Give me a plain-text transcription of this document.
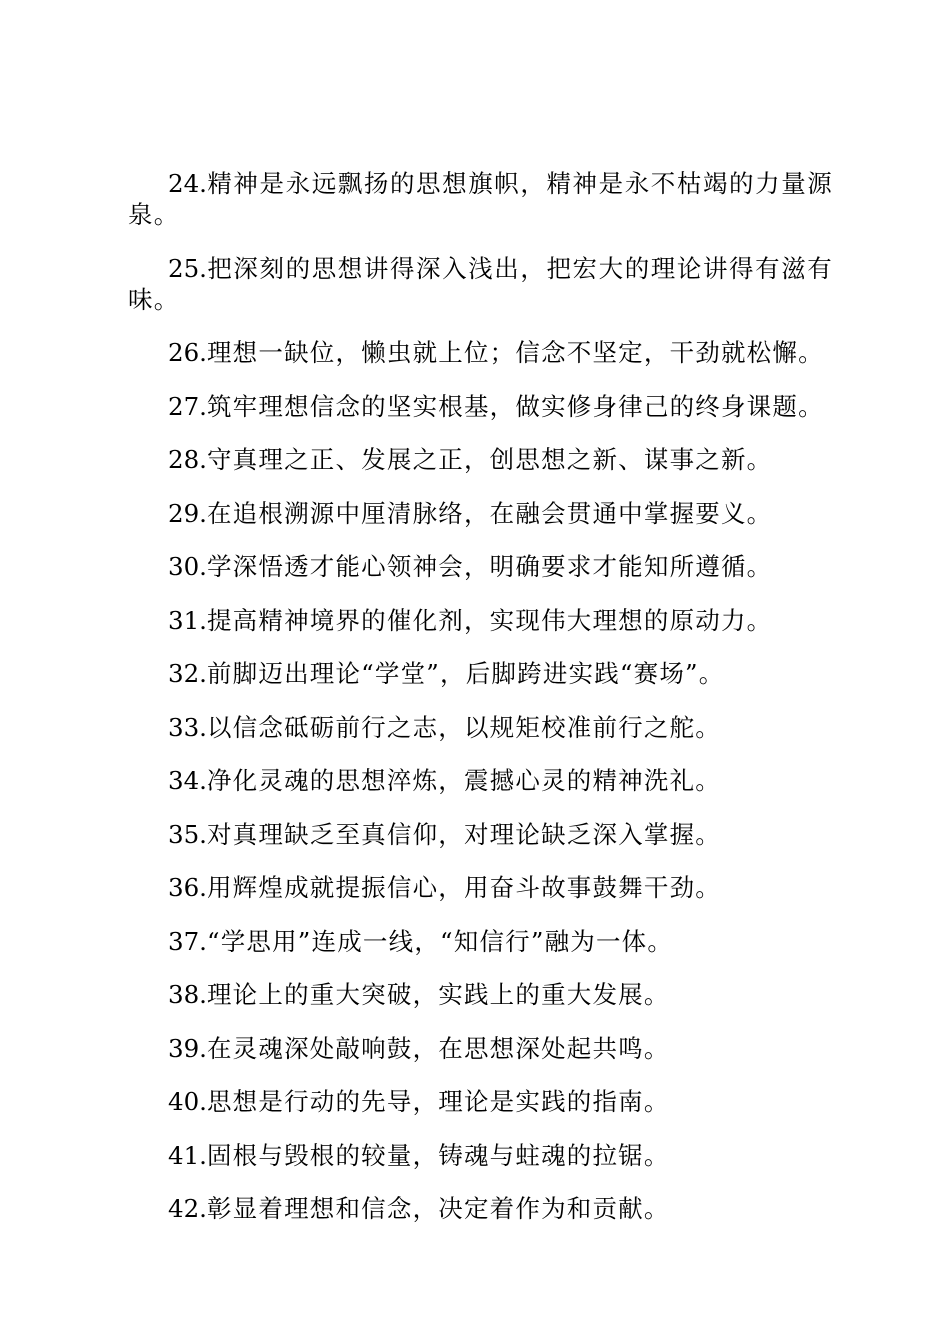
24.精神是永远飘扬的思想旗帜，精神是永不枯竭的力量源泉。

25.把深刻的思想讲得深入浅出，把宏大的理论讲得有滋有味。

26.理想一缺位，懒虫就上位；信念不坚定，干劲就松懈。

27.筑牢理想信念的坚实根基，做实修身律己的终身课题。

28.守真理之正、发展之正，创思想之新、谋事之新。

29.在追根溯源中厘清脉络，在融会贯通中掌握要义。

30.学深悟透才能心领神会，明确要求才能知所遵循。

31.提高精神境界的催化剂，实现伟大理想的原动力。

32.前脚迈出理论“学堂”，后脚跨进实践“赛场”。

33.以信念砥砺前行之志，以规矩校准前行之舵。

34.净化灵魂的思想淬炼，震撼心灵的精神洗礼。

35.对真理缺乏至真信仰，对理论缺乏深入掌握。

36.用辉煌成就提振信心，用奋斗故事鼓舞干劲。

37.“学思用”连成一线，“知信行”融为一体。

38.理论上的重大突破，实践上的重大发展。

39.在灵魂深处敲响鼓，在思想深处起共鸣。

40.思想是行动的先导，理论是实践的指南。

41.固根与毁根的较量，铸魂与蛀魂的拉锯。

42.彰显着理想和信念，决定着作为和贡献。
